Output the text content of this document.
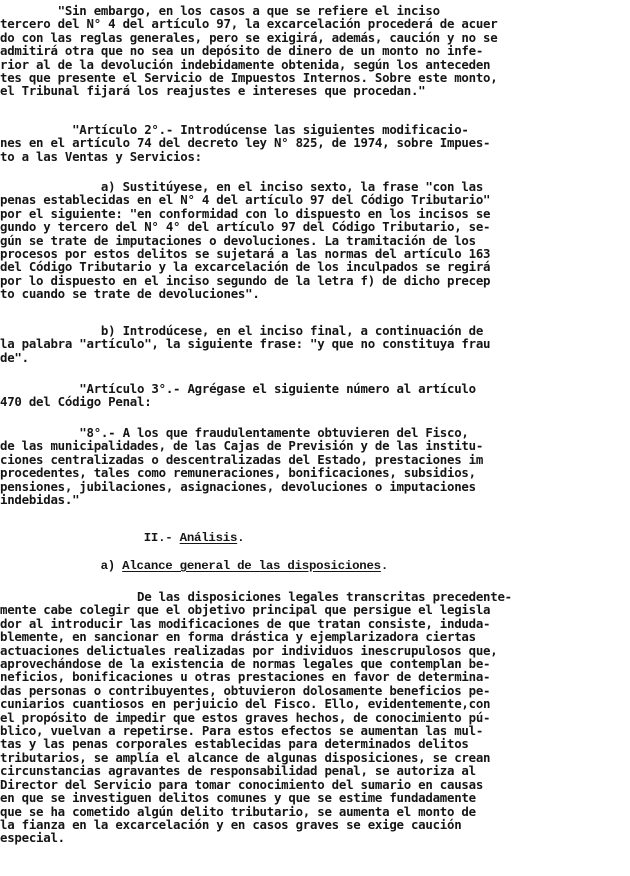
"Sin embargo, en los casos a que se refiere el inciso
tercero del N° 4 del artículo 97, la excarcelación procederá de acuer
do con las reglas generales, pero se exigirá, además, caución y no se
admitirá otra que no sea un depósito de dinero de un monto no infe-
rior al de la devolución indebidamente obtenida, según los anteceden
tes que presente el Servicio de Impuestos Internos. Sobre este monto,
el Tribunal fijará los reajustes e intereses que procedan."
"Artículo 2°.- Introdúcense las siguientes modificacio-
nes en el artículo 74 del decreto ley N° 825, de 1974, sobre Impues-
to a las Ventas y Servicios:
a) Sustitúyese, en el inciso sexto, la frase "con las
penas establecidas en el N° 4 del artículo 97 del Código Tributario"
por el siguiente: "en conformidad con lo dispuesto en los incisos se
gundo y tercero del N° 4° del artículo 97 del Código Tributario, se-
gún se trate de imputaciones o devoluciones. La tramitación de los
procesos por estos delitos se sujetará a las normas del artículo 163
del Código Tributario y la excarcelación de los inculpados se regirá
por lo dispuesto en el inciso segundo de la letra f) de dicho precep
to cuando se trate de devoluciones".
b) Introdúcese, en el inciso final, a continuación de
la palabra "artículo", la siguiente frase: "y que no constituya frau
de".
"Artículo 3°.- Agrégase el siguiente número al artículo
470 del Código Penal:
"8°.- A los que fraudulentamente obtuvieren del Fisco,
de las municipalidades, de las Cajas de Previsión y de las institu-
ciones centralizadas o descentralizadas del Estado, prestaciones im
procedentes, tales como remuneraciones, bonificaciones, subsidios,
pensiones, jubilaciones, asignaciones, devoluciones o imputaciones
indebidas."
II.- Análisis.
a) Alcance general de las disposiciones.
De las disposiciones legales transcritas precedente-
mente cabe colegir que el objetivo principal que persigue el legisla
dor al introducir las modificaciones de que tratan consiste, induda-
blemente, en sancionar en forma drástica y ejemplarizadora ciertas
actuaciones delictuales realizadas por individuos inescrupulosos que,
aprovechándose de la existencia de normas legales que contemplan be-
neficios, bonificaciones u otras prestaciones en favor de determina-
das personas o contribuyentes, obtuvieron dolosamente beneficios pe-
cuniarios cuantiosos en perjuicio del Fisco. Ello, evidentemente,con
el propósito de impedir que estos graves hechos, de conocimiento pú-
blico, vuelvan a repetirse. Para estos efectos se aumentan las mul-
tas y las penas corporales establecidas para determinados delitos
tributarios, se amplía el alcance de algunas disposiciones, se crean
circunstancias agravantes de responsabilidad penal, se autoriza al
Director del Servicio para tomar conocimiento del sumario en causas
en que se investiguen delitos comunes y que se estime fundadamente
que se ha cometido algún delito tributario, se aumenta el monto de
la fianza en la excarcelación y en casos graves se exige caución
especial.
